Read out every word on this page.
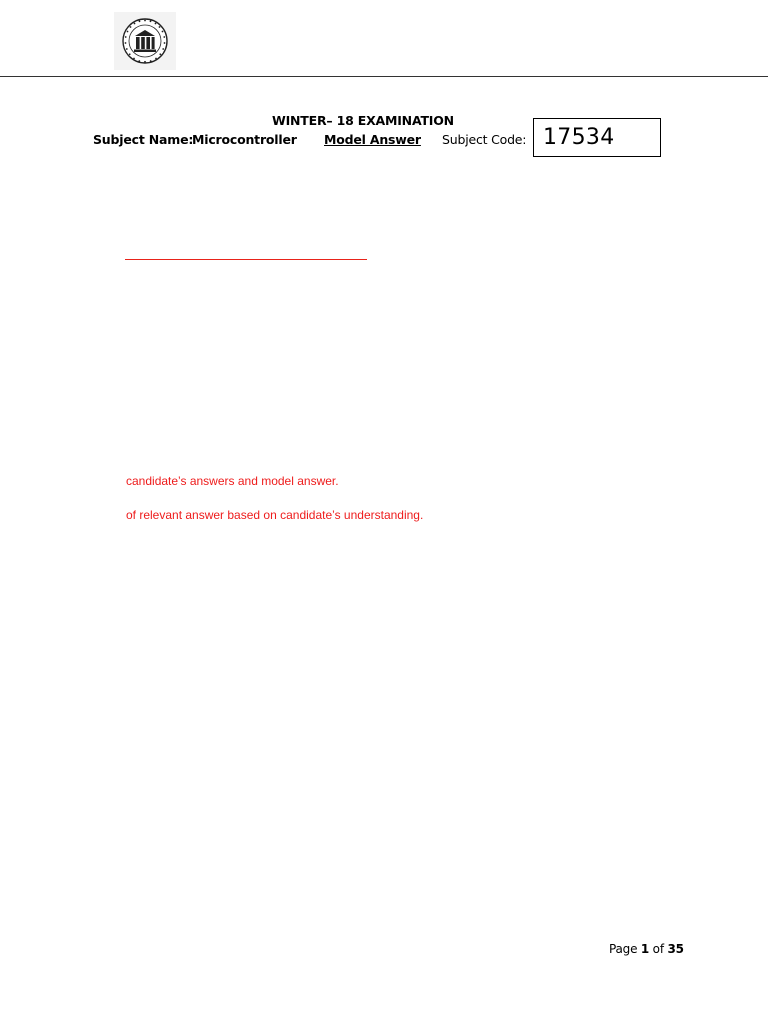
WINTER– 18 EXAMINATION
Subject Name:
Microcontroller Model Answer Subject Code: 17534
candidate’s answers and model answer.
of relevant answer based on candidate’s understanding.
Page 1 of 35
